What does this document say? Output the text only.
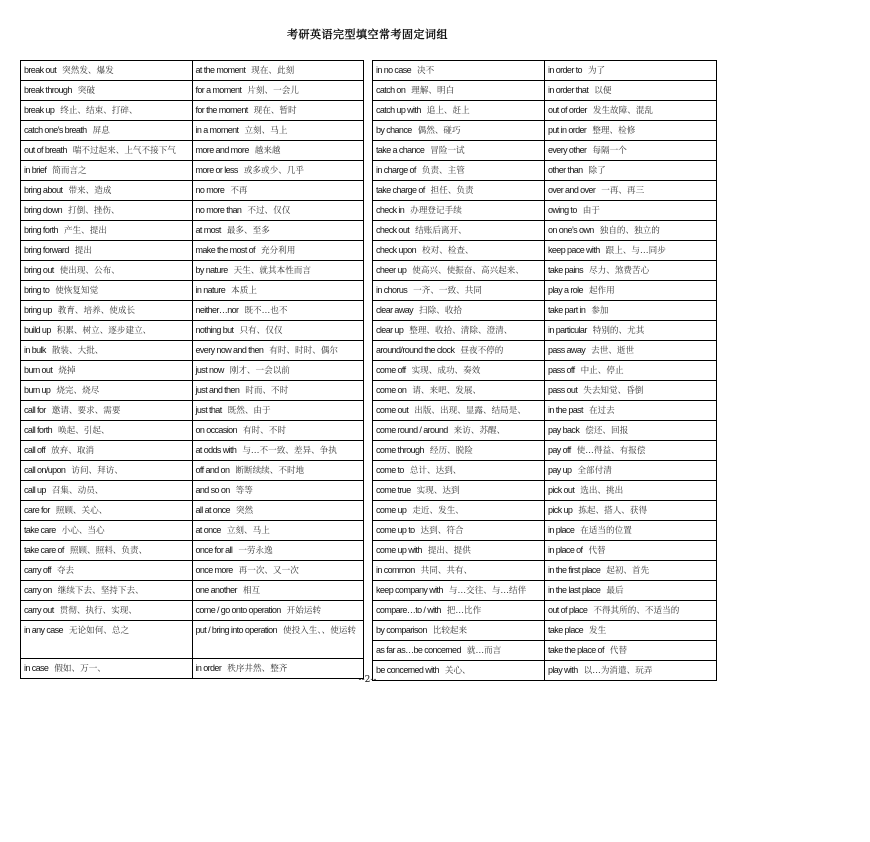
考研英语完型填空常考固定词组
break out 突然发、爆发	at the moment 现在、此刻
break through 突破	for a moment 片刻、一会儿
break up 终止、结束、打碎、	for the moment 现在、暂时
catch one’s breath 屏息	in a moment 立刻、马上
out of breath 喘不过起来、上气不接下气	more and more 越来越
in brief 简而言之	more or less 或多或少、几乎
bring about 带来、造成	no more 不再
bring down 打倒、挫伤、	no more than 不过、仅仅
bring forth 产生、提出	at most 最多、至多
bring forward 提出	make the most of 充分利用
bring out 使出现、公布、	by nature 天生、就其本性而言
bring to 使恢复知觉	in nature 本质上
bring up 教育、培养、使成长	neither…nor 既不…也不
build up 积累、树立、逐步建立、	nothing but 只有、仅仅
in bulk 散装、大批、	every now and then 有时、时时、偶尔
burn out 烧掉	just now 刚才、一会以前
burn up 烧完、烧尽	just and then 时而、不时
call for 邀请、要求、需要	just that 既然、由于
call forth 唤起、引起、	on occasion 有时、不时
call off 放弃、取消	at odds with 与…不一致、差异、争执
call on/upon 访问、拜访、	off and on 断断续续、不时地
call up 召集、动员、	and so on 等等
care for 照顾、关心、	all at once 突然
take care 小心、当心	at once 立刻、马上
take care of 照顾、照料、负责、	once for all 一劳永逸
carry off 夺去	once more 再一次、又一次
carry on 继续下去、坚持下去、	one another 相互
carry out 贯彻、执行、实现、	come / go onto operation 开始运转
in any case 无论如何、总之	put / bring into operation 使投入生、、使运转
in case 假如、万一、	in order 秩序井然、整齐
in no case 决不	in order to 为了
catch on 理解、明白	in order that 以便
catch up with 追上、赶上	out of order 发生故障、混乱
by chance 偶然、碰巧	put in order 整理、检修
take a chance 冒险一试	every other 每隔一个
in charge of 负责、主管	other than 除了
take charge of 担任、负责	over and over 一再、再三
check in 办理登记手续	owing to 由于
check out 结账后离开、	on one’s own 独自的、独立的
check upon 校对、检查、	keep pace with 跟上、与…同步
cheer up 使高兴、使振奋、高兴起来、	take pains 尽力、煞费苦心
in chorus 一齐、一致、共同	play a role 起作用
clear away 扫除、收拾	take part in 参加
clear up 整理、收拾、清除、澄清、	in particular 特别的、尤其
around/round the clock 昼夜不停的	pass away 去世、逝世
come off 实现、成功、奏效	pass off 中止、停止
come on 请、来吧、发展、	pass out 失去知觉、昏倒
come out 出版、出现、显露、结局是、	in the past 在过去
come round / around 来访、苏醒、	pay back 偿还、回报
come through 经历、脱险	pay off 使…得益、有报偿
come to 总计、达到、	pay up 全部付清
come true 实现、达到	pick out 选出、挑出
come up 走近、发生、	pick up 拣起、搭人、获得
come up to 达到、符合	in place 在适当的位置
come up with 提出、提供	in place of 代替
in common 共同、共有、	in the first place 起初、首先
keep company with 与…交往、与…结伴	in the last place 最后
compare…to / with 把…比作	out of place 不得其所的、不适当的
by comparison 比较起来	take place 发生
as far as…be concerned 就…而言	take the place of 代替
be concerned with 关心、	play with 以…为消遣、玩弄
--2--
